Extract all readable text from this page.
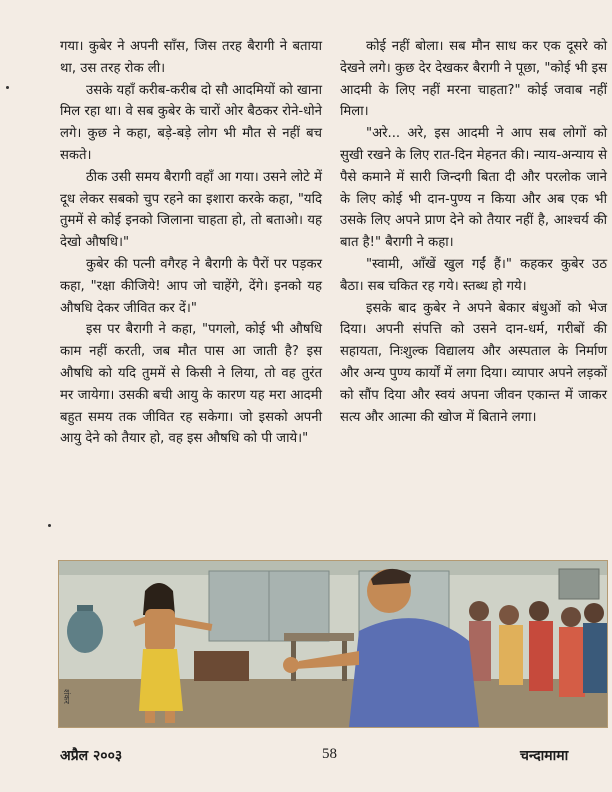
गया। कुबेर ने अपनी साँस, जिस तरह बैरागी ने बताया था, उस तरह रोक ली।

उसके यहाँ करीब-करीब दो सौ आदमियों को खाना मिल रहा था। वे सब कुबेर के चारों ओर बैठकर रोने-धोने लगे। कुछ ने कहा, बड़े-बड़े लोग भी मौत से नहीं बच सकते।

ठीक उसी समय बैरागी वहाँ आ गया। उसने लोटे में दूध लेकर सबको चुप रहने का इशारा करके कहा, "यदि तुममें से कोई इनको जिलाना चाहता हो, तो बताओ। यह देखो औषधि।"

कुबेर की पत्नी वगैरह ने बैरागी के पैरों पर पड़कर कहा, "रक्षा कीजिये! आप जो चाहेंगे, देंगे। इनको यह औषधि देकर जीवित कर दें।"

इस पर बैरागी ने कहा, "पगलो, कोई भी औषधि काम नहीं करती, जब मौत पास आ जाती है? इस औषधि को यदि तुममें से किसी ने लिया, तो वह तुरंत मर जायेगा। उसकी बची आयु के कारण यह मरा आदमी बहुत समय तक जीवित रह सकेगा। जो इसको अपनी आयु देने को तैयार हो, वह इस औषधि को पी जाये।"

कोई नहीं बोला। सब मौन साध कर एक दूसरे को देखने लगे। कुछ देर देखकर बैरागी ने पूछा, "कोई भी इस आदमी के लिए नहीं मरना चाहता?" कोई जवाब नहीं मिला।

"अरे... अरे, इस आदमी ने आप सब लोगों को सुखी रखने के लिए रात-दिन मेहनत की। न्याय-अन्याय से पैसे कमाने में सारी जिन्दगी बिता दी और परलोक जाने के लिए कोई भी दान-पुण्य न किया और अब एक भी उसके लिए अपने प्राण देने को तैयार नहीं है, आश्चर्य की बात है!" बैरागी ने कहा।

"स्वामी, आँखें खुल गईं हैं।" कहकर कुबेर उठ बैठा। सब चकित रह गये। स्तब्ध हो गये।

इसके बाद कुबेर ने अपने बेकार बंधुओं को भेज दिया। अपनी संपत्ति को उसने दान-धर्म, गरीबों की सहायता, निःशुल्क विद्यालय और अस्पताल के निर्माण और अन्य पुण्य कार्यों में लगा दिया। व्यापार अपने लड़कों को सौंप दिया और स्वयं अपना जीवन एकान्त में जाकर सत्य और आत्मा की खोज में बिताने लगा।

शंकर
अप्रैल २००३	58	चन्दामामा
